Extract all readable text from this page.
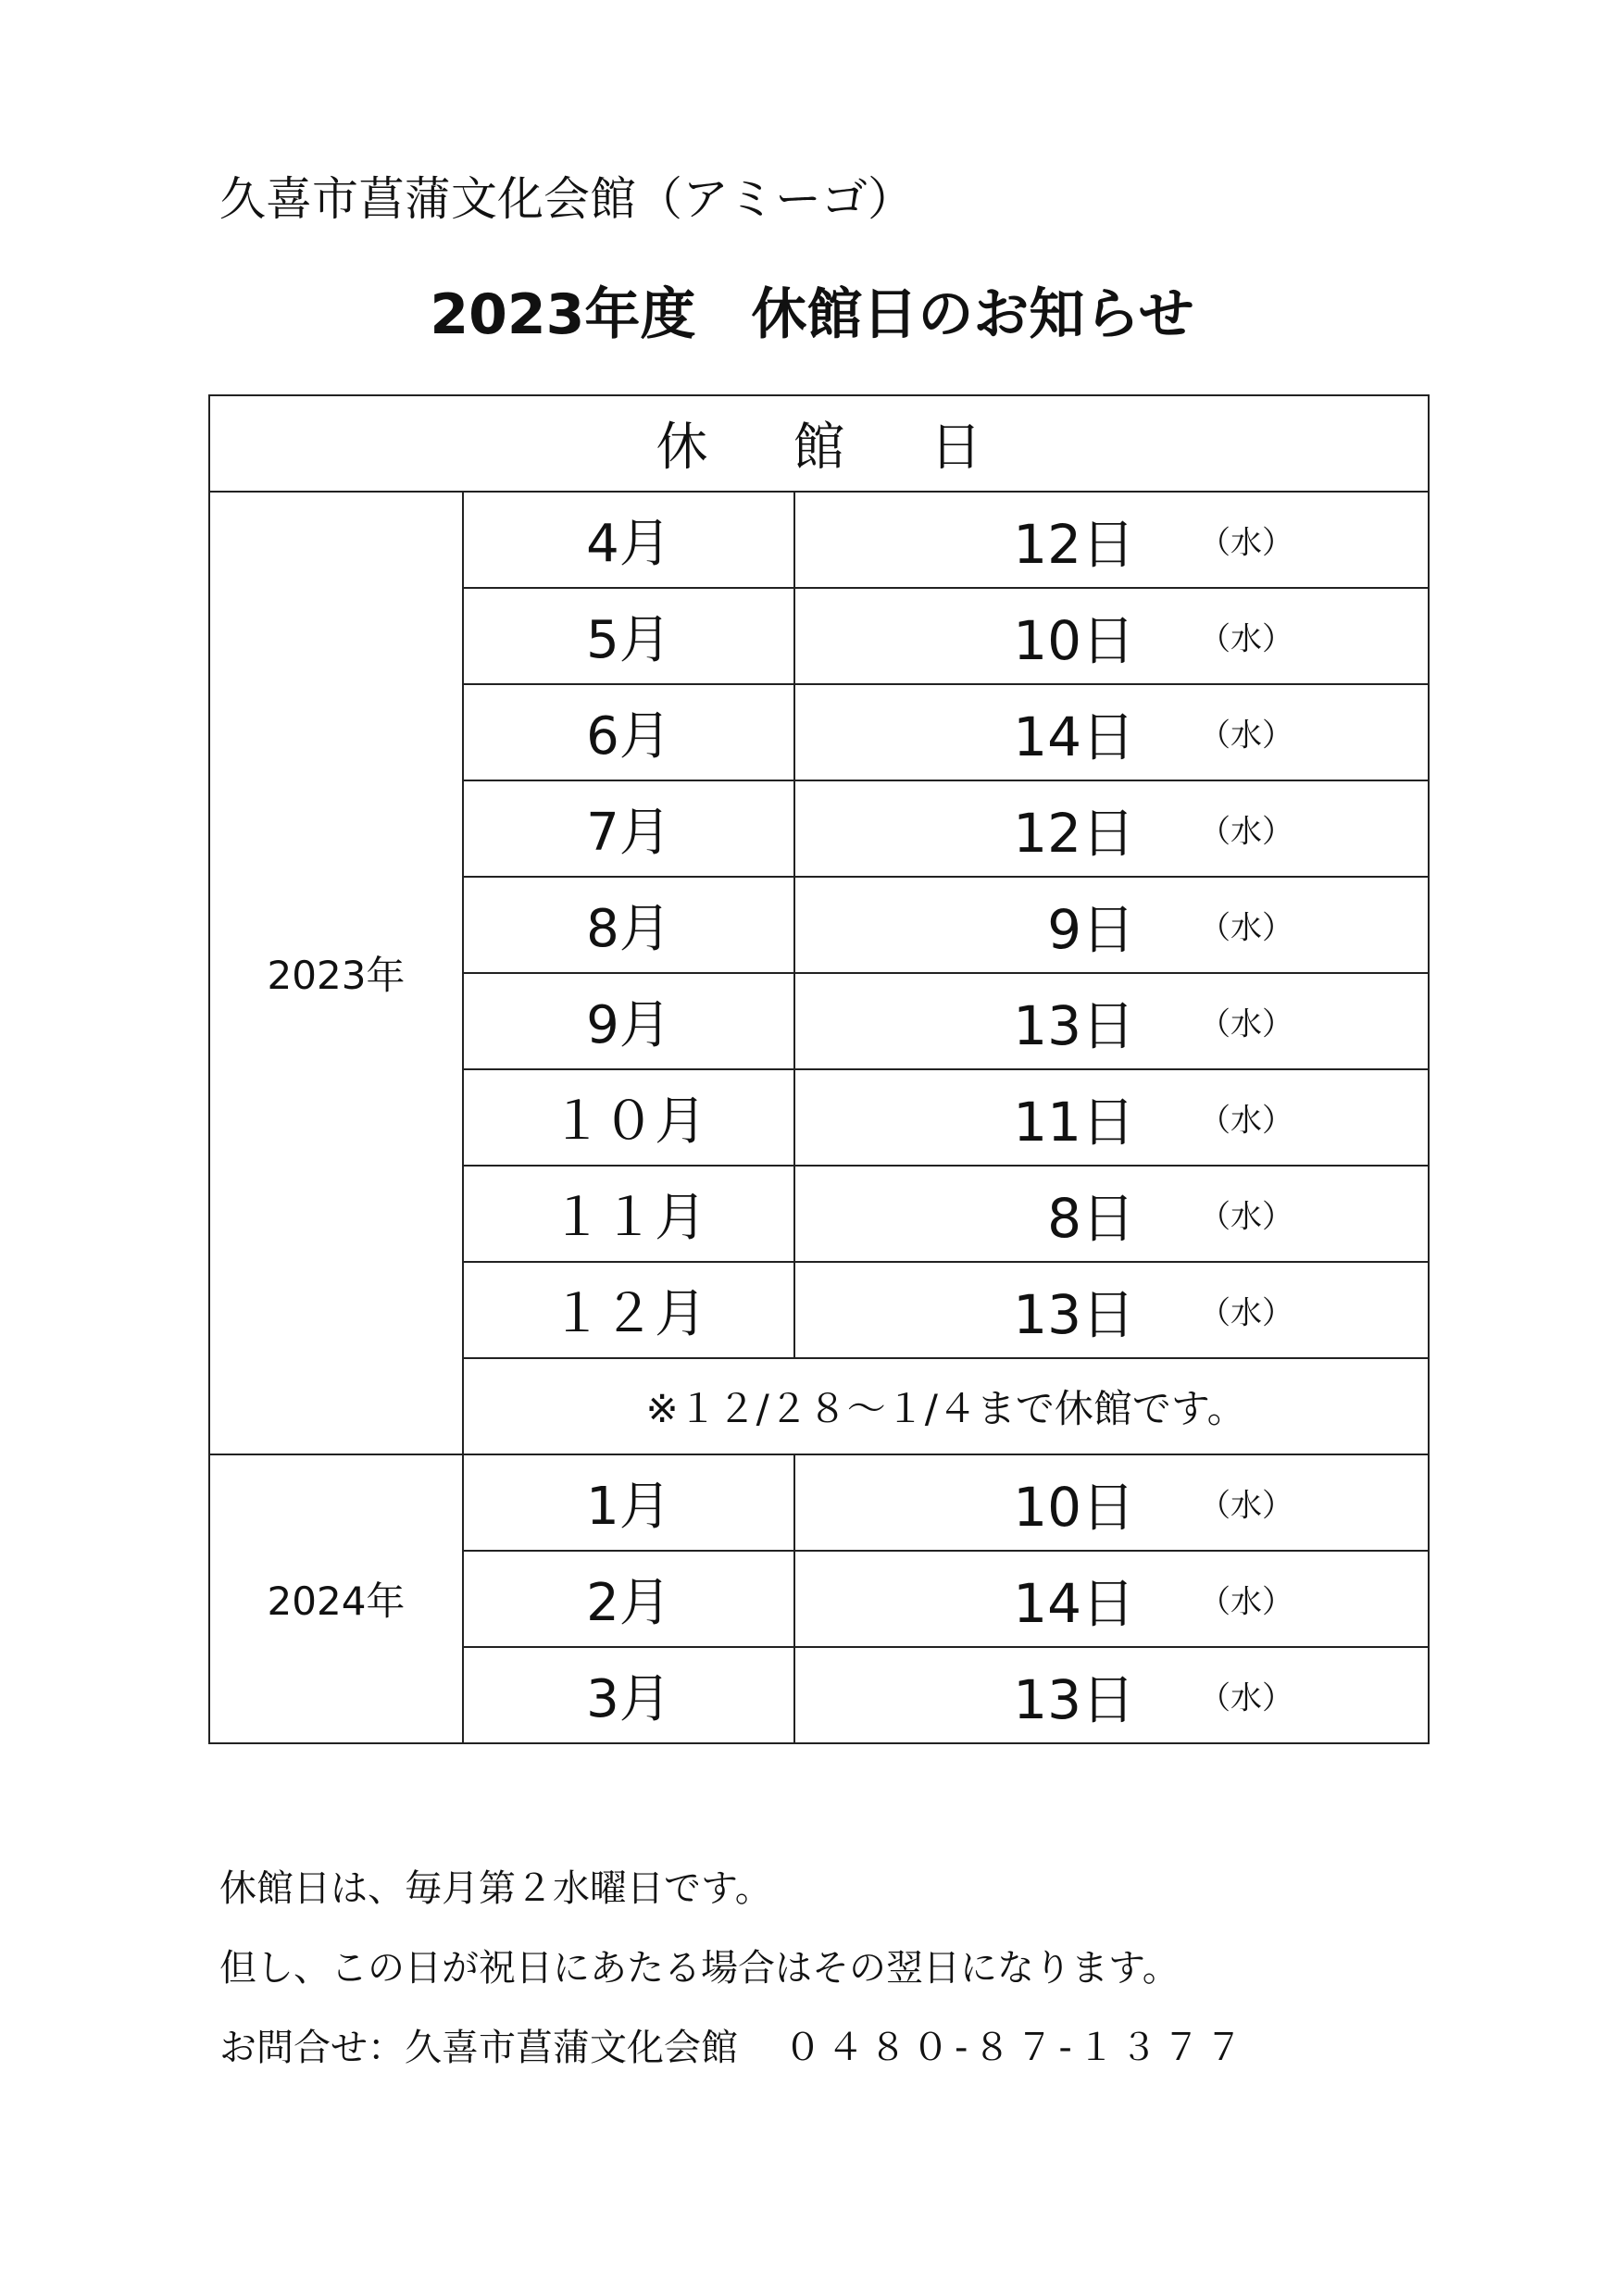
久喜市菖蒲文化会館（アミーゴ）
2023年度　休館日のお知らせ
休 館 日		
2023年	4月	12日 （水）

	5月	10日 （水）

	6月	14日 （水）

	7月	12日 （水）

	8月	9日 （水）

	9月	13日 （水）

	１０月	11日 （水）

	１１月	8日 （水）

	１２月	13日 （水）

	※１２/２８～１/４まで休館です。	
2024年	1月	10日 （水）

	2月	14日 （水）

	3月	13日 （水）
休館日は、毎月第２水曜日です。
但し、この日が祝日にあたる場合はその翌日になります。
お問合せ：久喜市菖蒲文化会館 ０４８０-８７-１３７７
